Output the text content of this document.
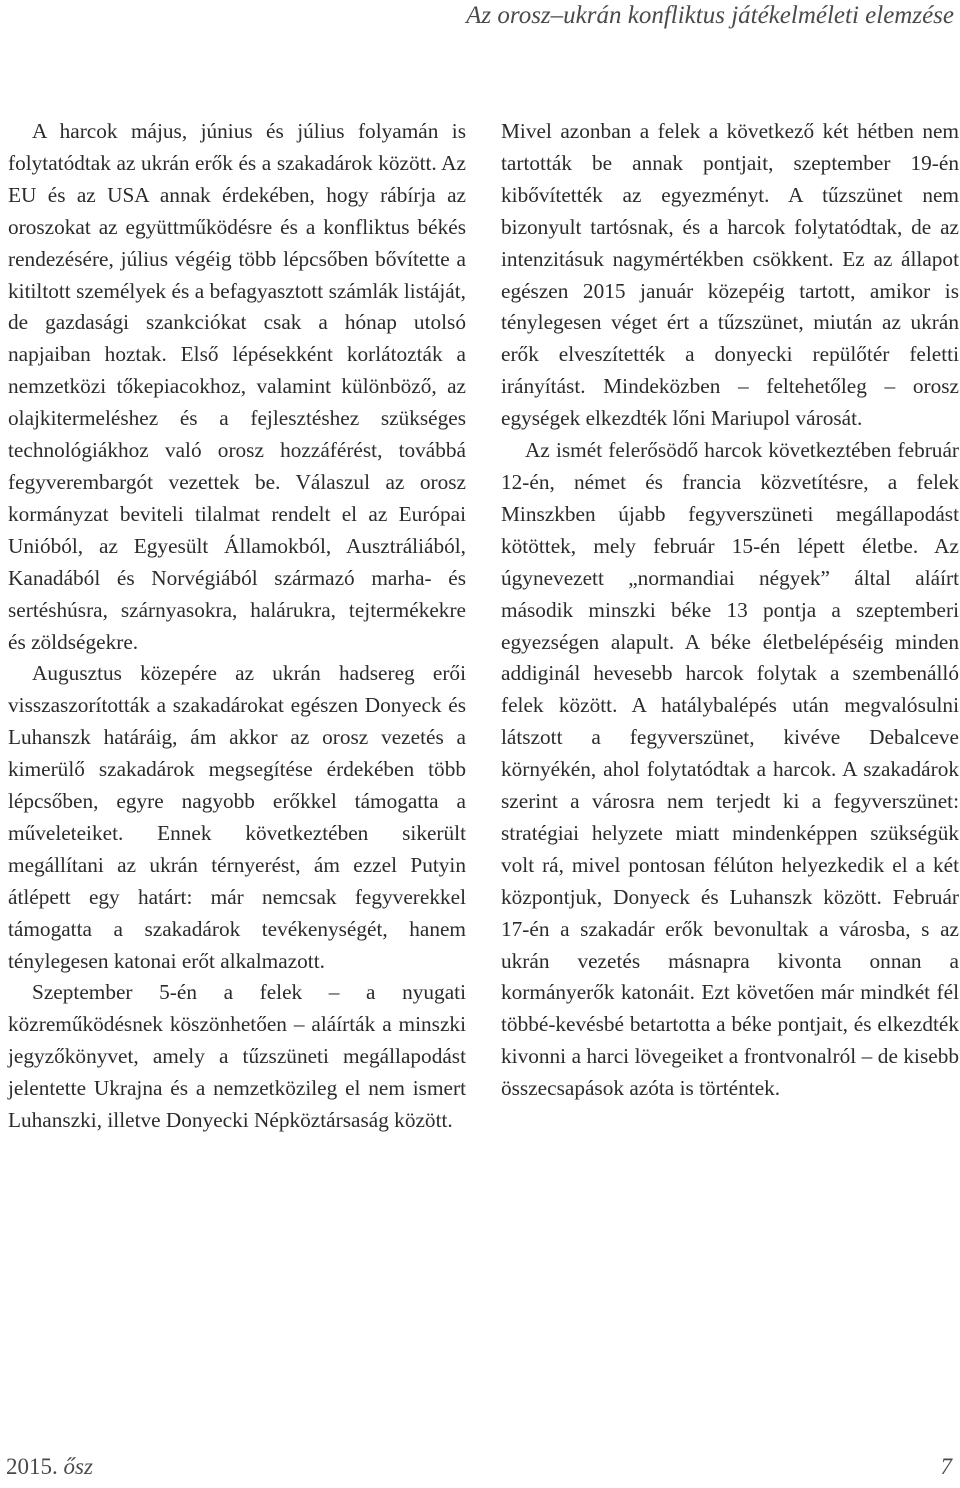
Az orosz–ukrán konfliktus játékelméleti elemzése

A harcok május, június és július folyamán is folytatódtak az ukrán erők és a szakadárok között. Az EU és az USA annak érdekében, hogy rábírja az oroszokat az együttműködésre és a konfliktus békés rendezésére, július végéig több lépcsőben bővítette a kitiltott személyek és a befagyasztott számlák listáját, de gazdasági szankciókat csak a hónap utolsó napjaiban hoztak. Első lépésekként korlátozták a nemzetközi tőkepiacokhoz, valamint különböző, az olajkitermeléshez és a fejlesztéshez szükséges technológiákhoz való orosz hozzáférést, továbbá fegyverembargót vezettek be. Válaszul az orosz kormányzat beviteli tilalmat rendelt el az Európai Unióból, az Egyesült Államokból, Ausztráliából, Kanadából és Norvégiából származó marha- és sertéshúsra, szárnyasokra, halárukra, tejtermékekre és zöldségekre.

Augusztus közepére az ukrán hadsereg erői visszaszorították a szakadárokat egészen Donyeck és Luhanszk határáig, ám akkor az orosz vezetés a kimerülő szakadárok megsegítése érdekében több lépcsőben, egyre nagyobb erőkkel támogatta a műveleteiket. Ennek következtében sikerült megállítani az ukrán térnyerést, ám ezzel Putyin átlépett egy határt: már nemcsak fegyverekkel támogatta a szakadárok tevékenységét, hanem ténylegesen katonai erőt alkalmazott.

Szeptember 5-én a felek – a nyugati közreműködésnek köszönhetően – aláírták a minszki jegyzőkönyvet, amely a tűzszüneti megállapodást jelentette Ukrajna és a nemzetközileg el nem ismert Luhanszki, illetve Donyecki Népköztársaság között.

Mivel azonban a felek a következő két hétben nem tartották be annak pontjait, szeptember 19-én kibővítették az egyezményt. A tűzszünet nem bizonyult tartósnak, és a harcok folytatódtak, de az intenzitásuk nagymértékben csökkent. Ez az állapot egészen 2015 január közepéig tartott, amikor is ténylegesen véget ért a tűzszünet, miután az ukrán erők elveszítették a donyecki repülőtér feletti irányítást. Mindeközben – feltehetőleg – orosz egységek elkezdték lőni Mariupol városát.

Az ismét felerősödő harcok következtében február 12-én, német és francia közvetítésre, a felek Minszkben újabb fegyverszüneti megállapodást kötöttek, mely február 15-én lépett életbe. Az úgynevezett „normandiai négyek” által aláírt második minszki béke 13 pontja a szeptemberi egyezségen alapult. A béke életbelépéséig minden addiginál hevesebb harcok folytak a szembenálló felek között. A hatálybalépés után megvalósulni látszott a fegyverszünet, kivéve Debalceve környékén, ahol folytatódtak a harcok. A szakadárok szerint a városra nem terjedt ki a fegyverszünet: stratégiai helyzete miatt mindenképpen szükségük volt rá, mivel pontosan félúton helyezkedik el a két központjuk, Donyeck és Luhanszk között. Február 17-én a szakadár erők bevonultak a városba, s az ukrán vezetés másnapra kivonta onnan a kormányerők katonáit. Ezt követően már mindkét fél többé-kevésbé betartotta a béke pontjait, és elkezdték kivonni a harci lövegeiket a frontvonalról – de kisebb összecsapások azóta is történtek.

2015. ősz	7
